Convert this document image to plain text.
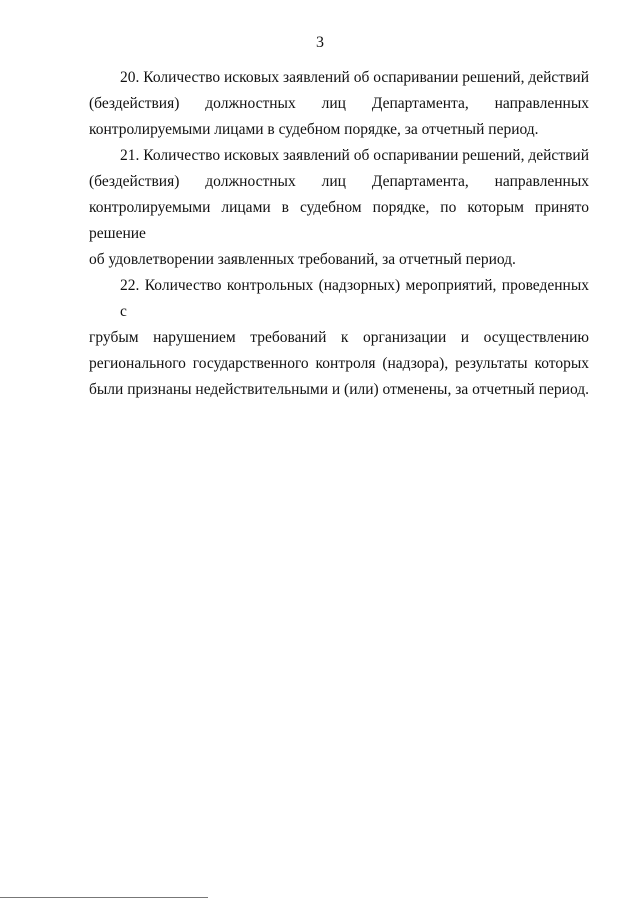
3
20. Количество исковых заявлений об оспаривании решений, действий
(бездействия) должностных лиц Департамента, направленных
контролируемыми лицами в судебном порядке, за отчетный период.
21. Количество исковых заявлений об оспаривании решений, действий
(бездействия) должностных лиц Департамента, направленных
контролируемыми лицами в судебном порядке, по которым принято решение
об удовлетворении заявленных требований, за отчетный период.
22. Количество контрольных (надзорных) мероприятий, проведенных с
грубым нарушением требований к организации и осуществлению
регионального государственного контроля (надзора), результаты которых
были признаны недействительными и (или) отменены, за отчетный период.
